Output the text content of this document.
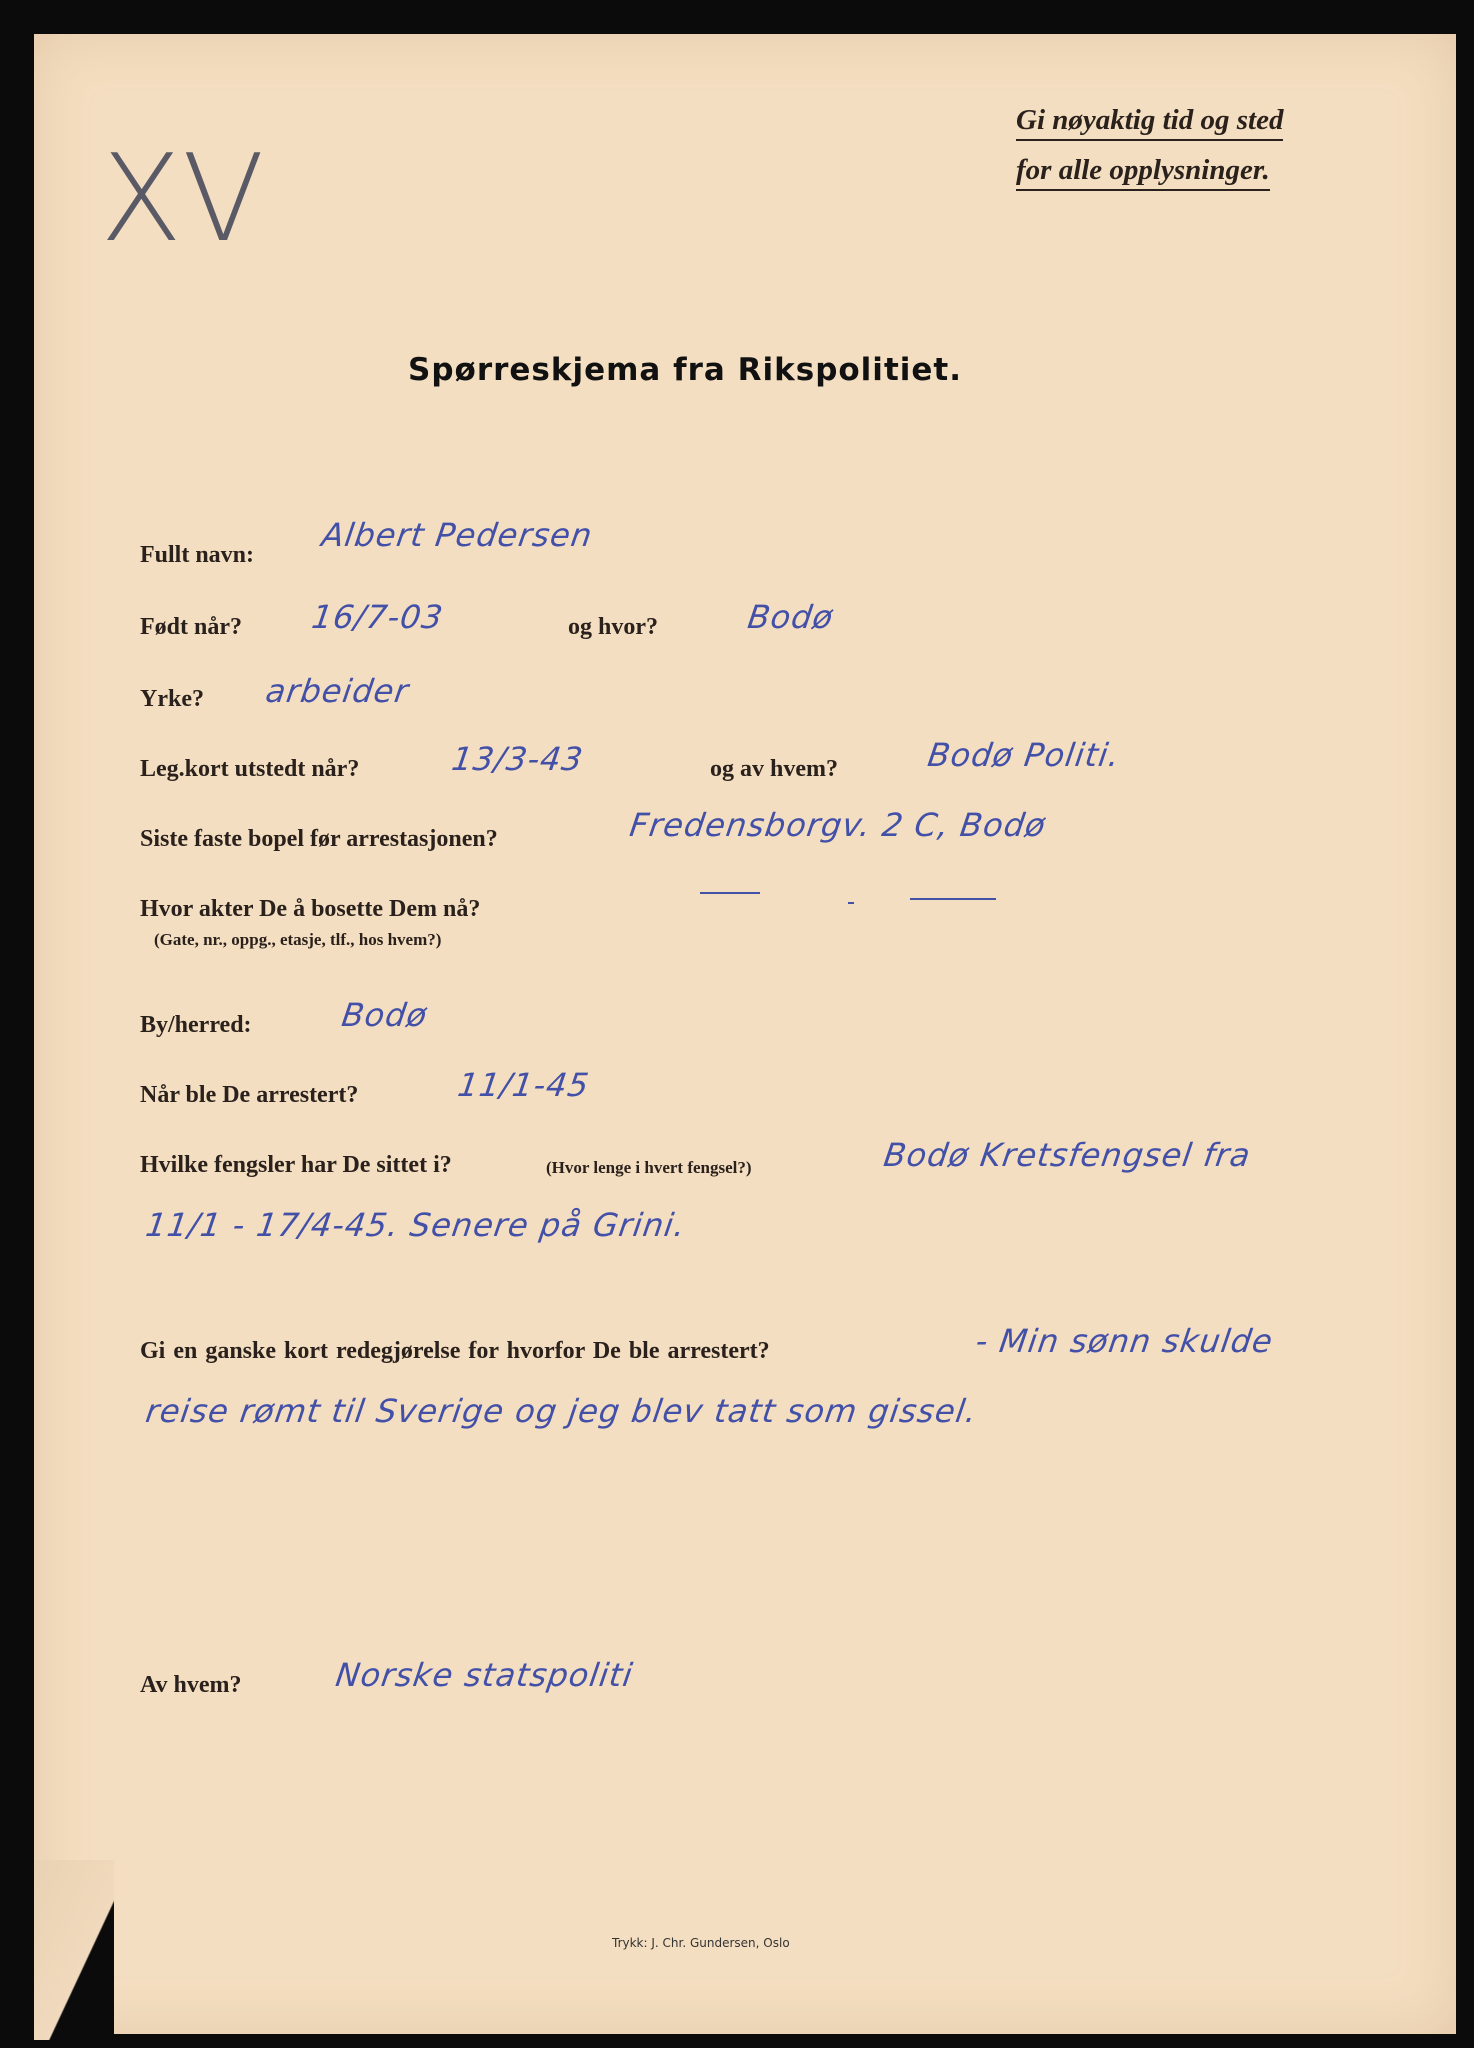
Gi nøyaktig tid og sted
for alle opplysninger.
XV
Spørreskjema fra Rikspolitiet.
Fullt navn:
Albert Pedersen
Født når? 16/7-03	og hvor?	Bodø
Yrke? arbeider
Leg.kort utstedt når?	13/3-43	og av hvem?	Bodø Politi.
Siste faste bopel før arrestasjonen?	Fredensborgv. 2 C, Bodø
Hvor akter De å bosette Dem nå?
(Gate, nr., oppg., etasje, tlf., hos hvem?)
By/herred:	Bodø
Når ble De arrestert?	11/1-45
Hvilke fengsler har De sittet i?	(Hvor lenge i hvert fengsel?)	Bodø Kretsfengsel fra
11/1 - 17/4-45. Senere på Grini.
Gi en ganske kort redegjørelse for hvorfor De ble arrestert?	- Min sønn skulde
reise rømt til Sverige og jeg blev tatt som gissel.
Av hvem?	Norske statspoliti
Trykk: J. Chr. Gundersen, Oslo
